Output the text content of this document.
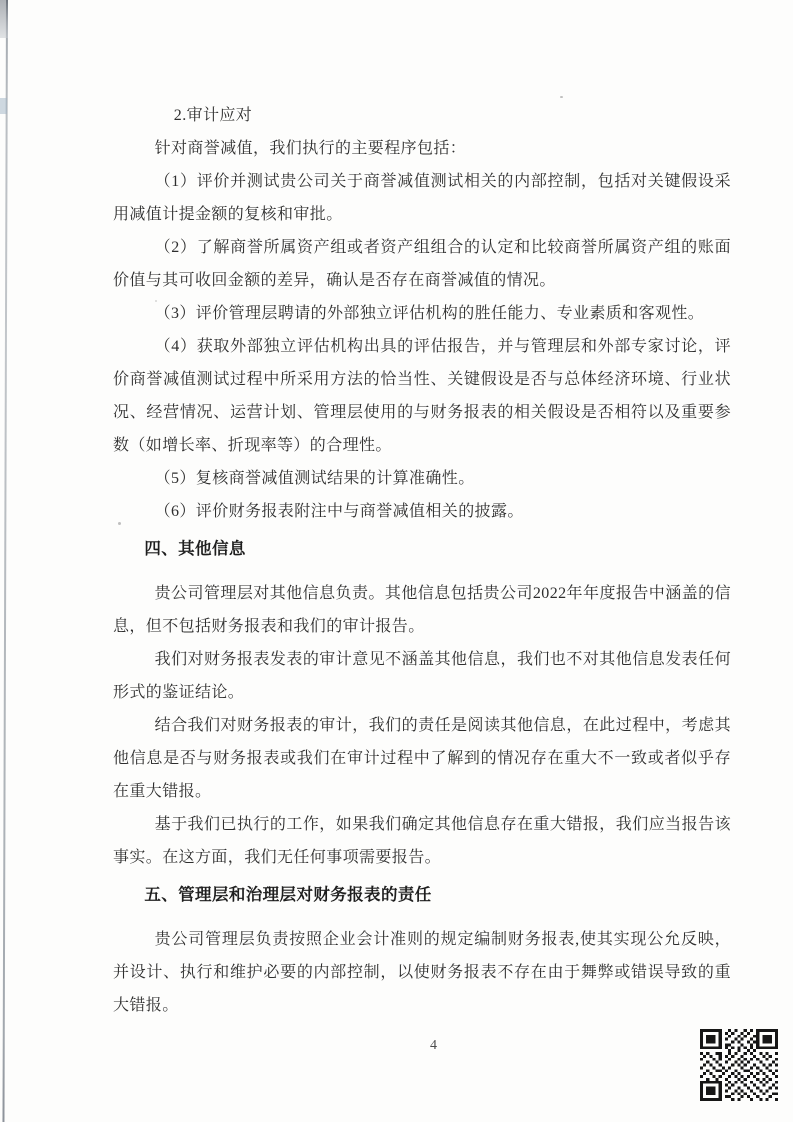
2.审计应对

针对商誉减值，我们执行的主要程序包括：

（1）评价并测试贵公司关于商誉减值测试相关的内部控制，包括对关键假设采用减值计提金额的复核和审批。

（2）了解商誉所属资产组或者资产组组合的认定和比较商誉所属资产组的账面价值与其可收回金额的差异，确认是否存在商誉减值的情况。

（3）评价管理层聘请的外部独立评估机构的胜任能力、专业素质和客观性。

（4）获取外部独立评估机构出具的评估报告，并与管理层和外部专家讨论，评价商誉减值测试过程中所采用方法的恰当性、关键假设是否与总体经济环境、行业状况、经营情况、运营计划、管理层使用的与财务报表的相关假设是否相符以及重要参数（如增长率、折现率等）的合理性。

（5）复核商誉减值测试结果的计算准确性。

（6）评价财务报表附注中与商誉减值相关的披露。

四、其他信息

贵公司管理层对其他信息负责。其他信息包括贵公司2022年年度报告中涵盖的信息，但不包括财务报表和我们的审计报告。

我们对财务报表发表的审计意见不涵盖其他信息，我们也不对其他信息发表任何形式的鉴证结论。

结合我们对财务报表的审计，我们的责任是阅读其他信息，在此过程中，考虑其他信息是否与财务报表或我们在审计过程中了解到的情况存在重大不一致或者似乎存在重大错报。

基于我们已执行的工作，如果我们确定其他信息存在重大错报，我们应当报告该事实。在这方面，我们无任何事项需要报告。

五、管理层和治理层对财务报表的责任

贵公司管理层负责按照企业会计准则的规定编制财务报表,使其实现公允反映，并设计、执行和维护必要的内部控制，以使财务报表不存在由于舞弊或错误导致的重大错报。

4
